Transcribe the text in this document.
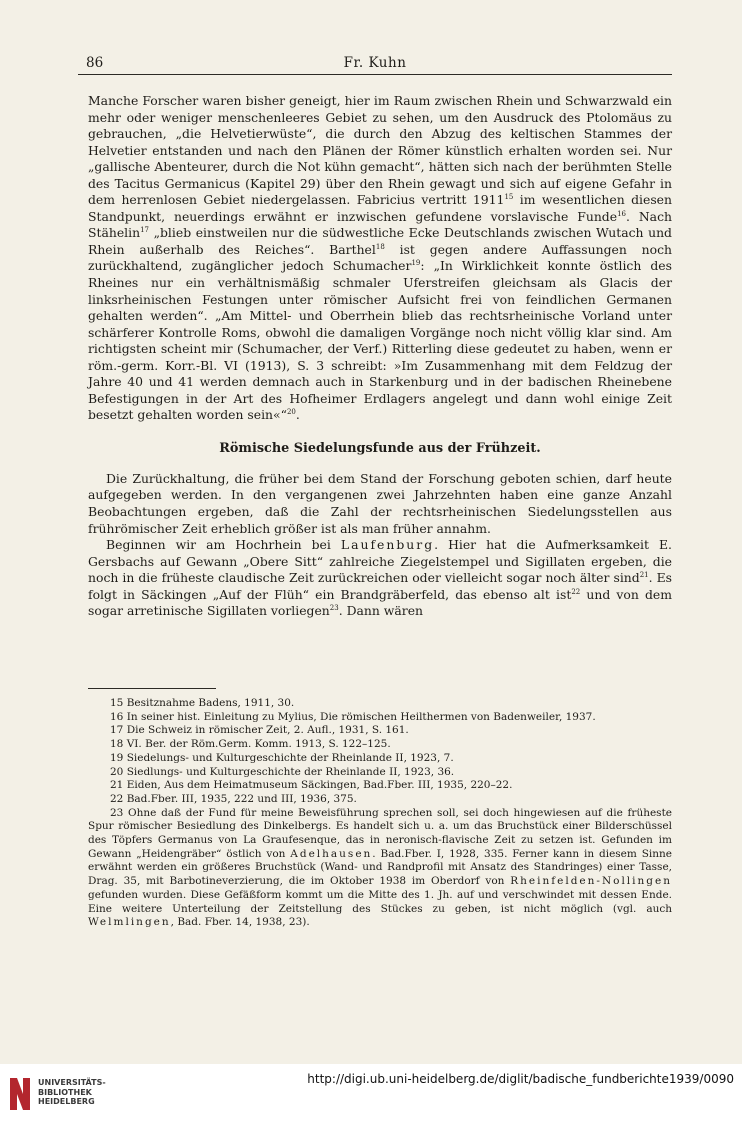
86	Fr. Kuhn

Manche Forscher waren bisher geneigt, hier im Raum zwischen Rhein und Schwarzwald ein mehr oder weniger menschenleeres Gebiet zu sehen, um den Ausdruck des Ptolomäus zu gebrauchen, „die Helvetierwüste“, die durch den Abzug des keltischen Stammes der Helvetier entstanden und nach den Plänen der Römer künstlich erhalten worden sei. Nur „gallische Abenteurer, durch die Not kühn gemacht“, hätten sich nach der berühmten Stelle des Tacitus Germanicus (Kapitel 29) über den Rhein gewagt und sich auf eigene Gefahr in dem herrenlosen Gebiet niedergelassen. Fabricius vertritt 1911$^{15}$ im wesentlichen diesen Standpunkt, neuerdings erwähnt er inzwischen gefundene vorslavische Funde$^{16}$. Nach Stähelin$^{17}$ „blieb einstweilen nur die südwestliche Ecke Deutschlands zwischen Wutach und Rhein außerhalb des Reiches“. Barthel$^{18}$ ist gegen andere Auffassungen noch zurückhaltend, zugänglicher jedoch Schumacher$^{19}$: „In Wirklichkeit konnte östlich des Rheines nur ein verhältnismäßig schmaler Uferstreifen gleichsam als Glacis der linksrheinischen Festungen unter römischer Aufsicht frei von feindlichen Germanen gehalten werden“. „Am Mittel- und Oberrhein blieb das rechtsrheinische Vorland unter schärferer Kontrolle Roms, obwohl die damaligen Vorgänge noch nicht völlig klar sind. Am richtigsten scheint mir (Schumacher, der Verf.) Ritterling diese gedeutet zu haben, wenn er röm.-germ. Korr.-Bl. VI (1913), S. 3 schreibt: »Im Zusammenhang mit dem Feldzug der Jahre 40 und 41 werden demnach auch in Starkenburg und in der badischen Rheinebene Befestigungen in der Art des Hofheimer Erdlagers angelegt und dann wohl einige Zeit besetzt gehalten worden sein«“$^{20}$.

Römische Siedelungsfunde aus der Frühzeit.

Die Zurückhaltung, die früher bei dem Stand der Forschung geboten schien, darf heute aufgegeben werden. In den vergangenen zwei Jahrzehnten haben eine ganze Anzahl Beobachtungen ergeben, daß die Zahl der rechtsrheinischen Siedelungsstellen aus frührömischer Zeit erheblich größer ist als man früher annahm.

Beginnen wir am Hochrhein bei Laufenburg. Hier hat die Aufmerksamkeit E. Gersbachs auf Gewann „Obere Sitt“ zahlreiche Ziegelstempel und Sigillaten ergeben, die noch in die früheste claudische Zeit zurückreichen oder vielleicht sogar noch älter sind$^{21}$. Es folgt in Säckingen „Auf der Flüh“ ein Brandgräberfeld, das ebenso alt ist$^{22}$ und von dem sogar arretinische Sigillaten vorliegen$^{23}$. Dann wären

15 Besitznahme Badens, 1911, 30.
16 In seiner hist. Einleitung zu Mylius, Die römischen Heilthermen von Badenweiler, 1937.
17 Die Schweiz in römischer Zeit, 2. Aufl., 1931, S. 161.
18 VI. Ber. der Röm.Germ. Komm. 1913, S. 122–125.
19 Siedelungs- und Kulturgeschichte der Rheinlande II, 1923, 7.
20 Siedlungs- und Kulturgeschichte der Rheinlande II, 1923, 36.
21 Eiden, Aus dem Heimatmuseum Säckingen, Bad.Fber. III, 1935, 220–22.
22 Bad.Fber. III, 1935, 222 und III, 1936, 375.
23 Ohne daß der Fund für meine Beweisführung sprechen soll, sei doch hingewiesen auf die früheste Spur römischer Besiedlung des Dinkelbergs. Es handelt sich u. a. um das Bruchstück einer Bilderschüssel des Töpfers Germanus von La Graufesenque, das in neronisch-flavische Zeit zu setzen ist. Gefunden im Gewann „Heidengräber“ östlich von Adelhausen. Bad.Fber. I, 1928, 335. Ferner kann in diesem Sinne erwähnt werden ein größeres Bruchstück (Wand- und Randprofil mit Ansatz des Standringes) einer Tasse, Drag. 35, mit Barbotineverzierung, die im Oktober 1938 im Oberdorf von Rheinfelden-Nollingen gefunden wurden. Diese Gefäßform kommt um die Mitte des 1. Jh. auf und verschwindet mit dessen Ende. Eine weitere Unterteilung der Zeitstellung des Stückes zu geben, ist nicht möglich (vgl. auch Welmlingen, Bad. Fber. 14, 1938, 23).
UNIVERSITÄTS-
BIBLIOTHEK
HEIDELBERG
http://digi.ub.uni-heidelberg.de/diglit/badische_fundberichte1939/0090
